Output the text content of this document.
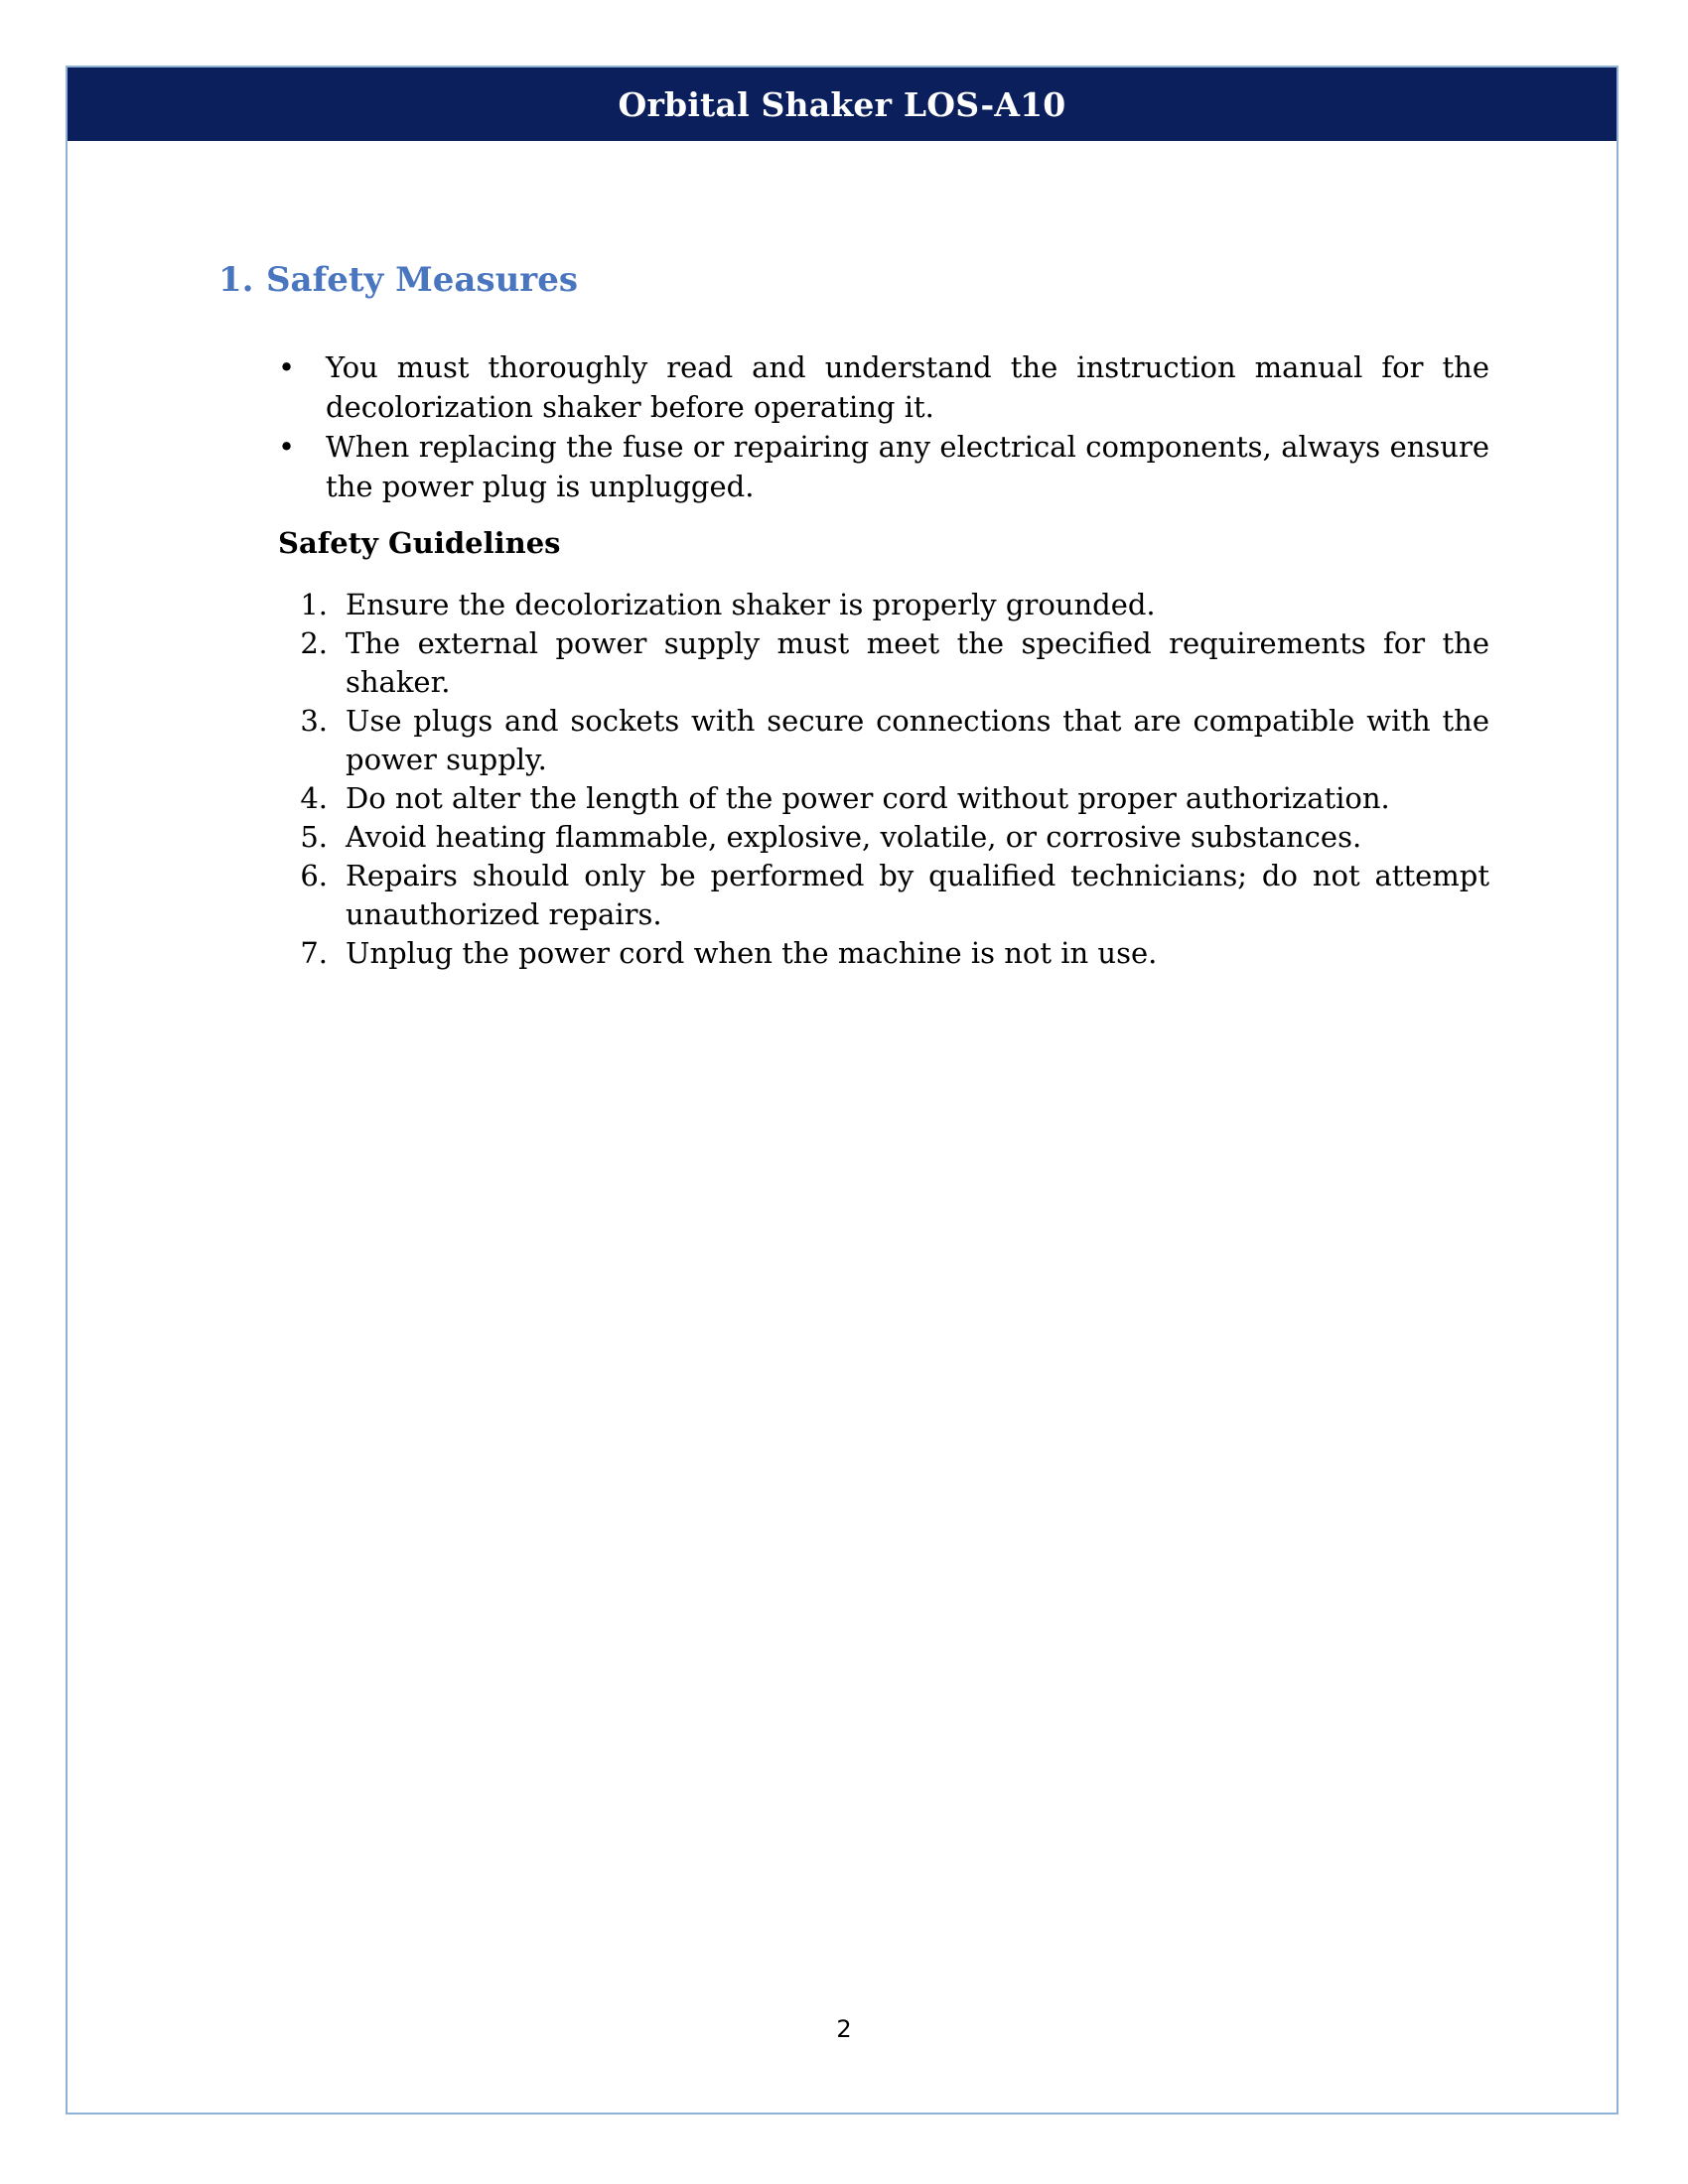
Orbital Shaker LOS-A10
1. Safety Measures
• You must thoroughly read and understand the instruction manual for the decolorization shaker before operating it.
• When replacing the fuse or repairing any electrical components, always ensure the power plug is unplugged.
Safety Guidelines
1. Ensure the decolorization shaker is properly grounded.
2. The external power supply must meet the specified requirements for the shaker.
3. Use plugs and sockets with secure connections that are compatible with the power supply.
4. Do not alter the length of the power cord without proper authorization.
5. Avoid heating flammable, explosive, volatile, or corrosive substances.
6. Repairs should only be performed by qualified technicians; do not attempt unauthorized repairs.
7. Unplug the power cord when the machine is not in use.
2
